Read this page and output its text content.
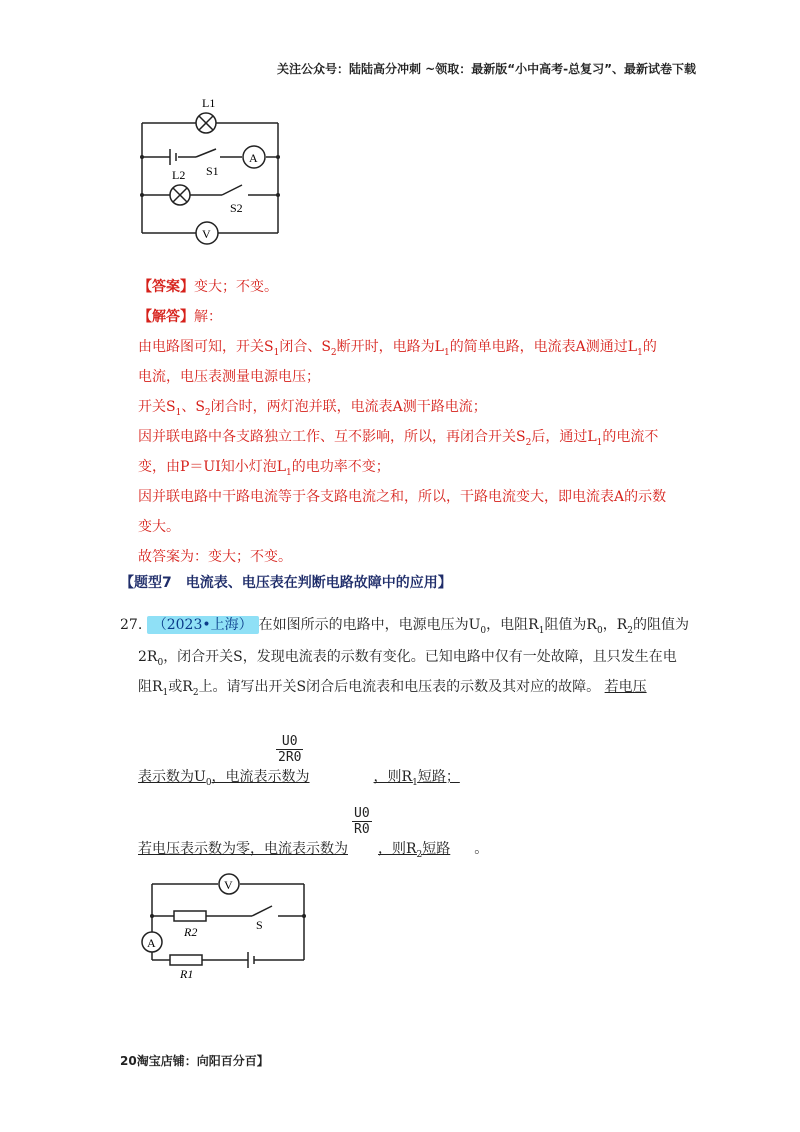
关注公众号：陆陆高分冲刺 ~领取：最新版“小中高考-总复习”、最新试卷下载
L1
S1
A
L2
S2
V
【答案】变大；不变。
【解答】解：
由电路图可知，开关$S_1$闭合、$S_2$断开时，电路为$L_1$的简单电路，电流表A测通过$L_1$的
电流，电压表测量电源电压；
开关$S_1$、$S_2$闭合时，两灯泡并联，电流表A测干路电流；
因并联电路中各支路独立工作、互不影响，所以，再闭合开关$S_2$后，通过$L_1$的电流不
变，由P＝UI知小灯泡$L_1$的电功率不变；
因并联电路中干路电流等于各支路电流之和，所以，干路电流变大，即电流表A的示数
变大。
故答案为：变大；不变。
【题型7　电流表、电压表在判断电路故障中的应用】
27. （2023•上海） 在如图所示的电路中，电源电压为$U_0$，电阻$R_1$阻值为$R_0$，$R_2$的阻值为
$2R_0$，闭合开关S，发现电流表的示数有变化。已知电路中仅有一处故障，且只发生在电
阻$R_1$或$R_2$上。请写出开关S闭合后电流表和电压表的示数及其对应的故障。 若电压
$\frac{U0}{2R0}$
表示数为$U_0$，电流表示数为	，则$R_1$短路；
$\frac{U0}{R0}$
若电压表示数为零，电流表示数为 ，则$R_2$短路 。
V
R2	S
A
R1
20淘宝店铺：向阳百分百】
